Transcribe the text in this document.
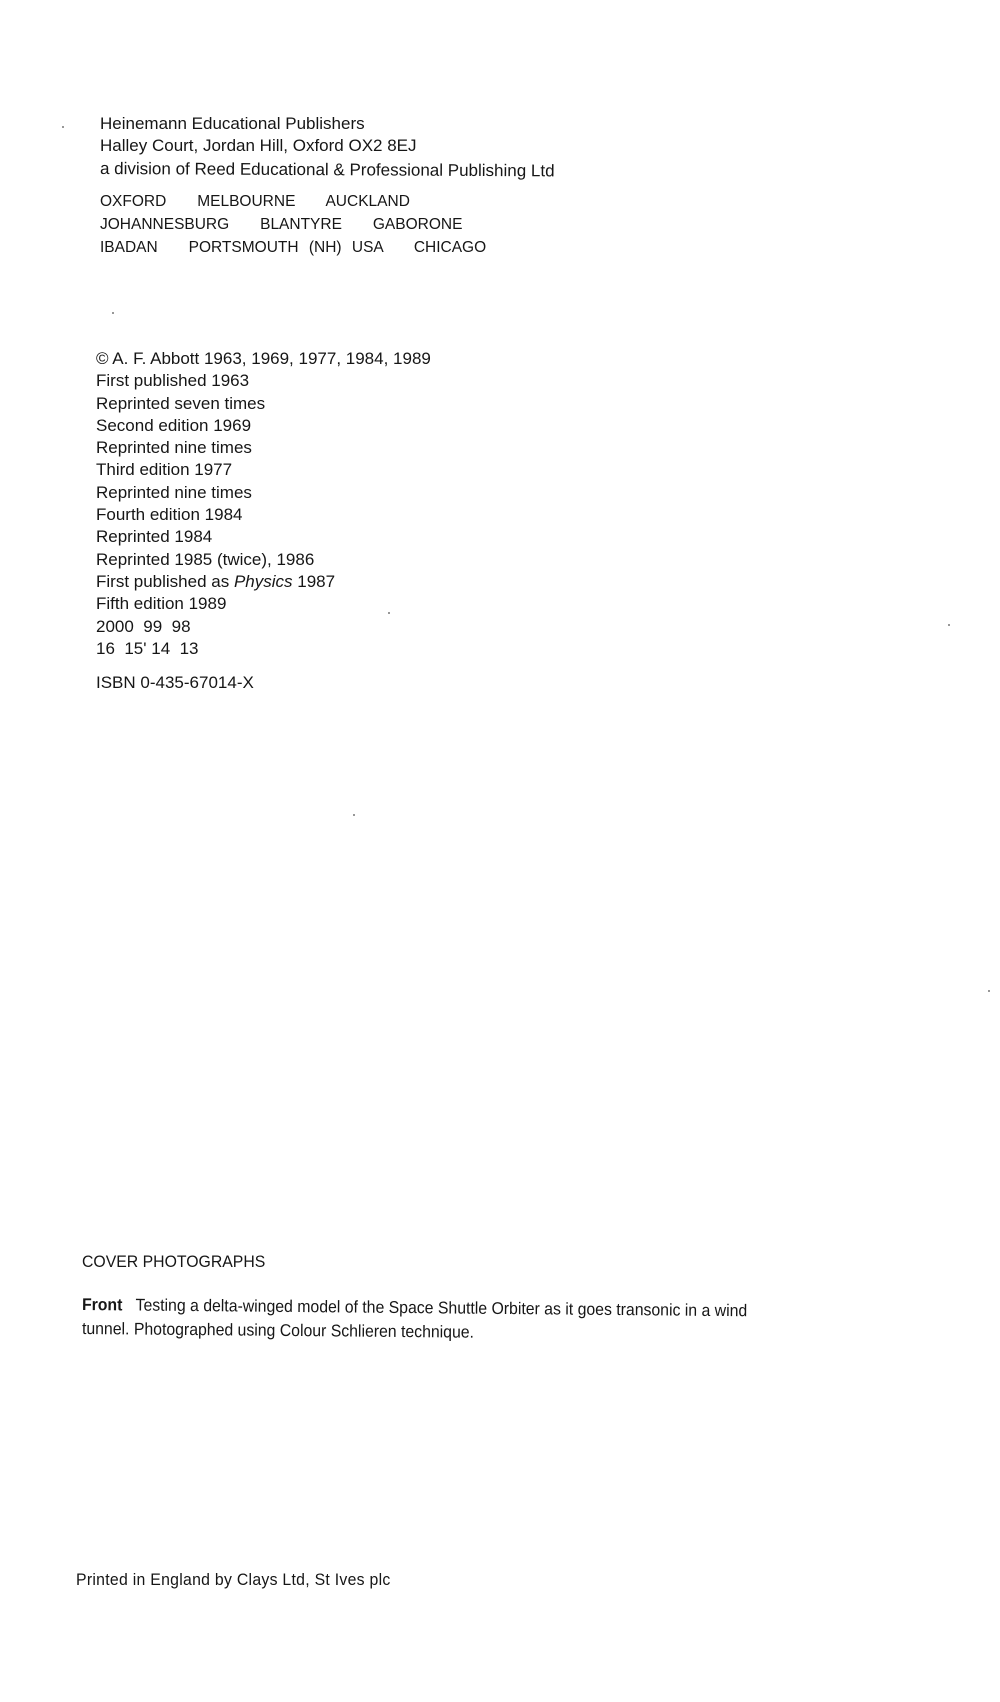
Heinemann Educational Publishers
Halley Court, Jordan Hill, Oxford OX2 8EJ
a division of Reed Educational & Professional Publishing Ltd
OXFORD   MELBOURNE   AUCKLAND
JOHANNESBURG   BLANTYRE   GABORONE
IBADAN   PORTSMOUTH (NH) USA   CHICAGO
© A. F. Abbott 1963, 1969, 1977, 1984, 1989
First published 1963
Reprinted seven times
Second edition 1969
Reprinted nine times
Third edition 1977
Reprinted nine times
Fourth edition 1984
Reprinted 1984
Reprinted 1985 (twice), 1986
First published as Physics 1987
Fifth edition 1989
2000  99  98
16  15' 14  13
ISBN 0-435-67014-X
COVER PHOTOGRAPHS
Front Testing a delta-winged model of the Space Shuttle Orbiter as it goes transonic in a wind
tunnel. Photographed using Colour Schlieren technique.
Printed in England by Clays Ltd, St Ives plc
